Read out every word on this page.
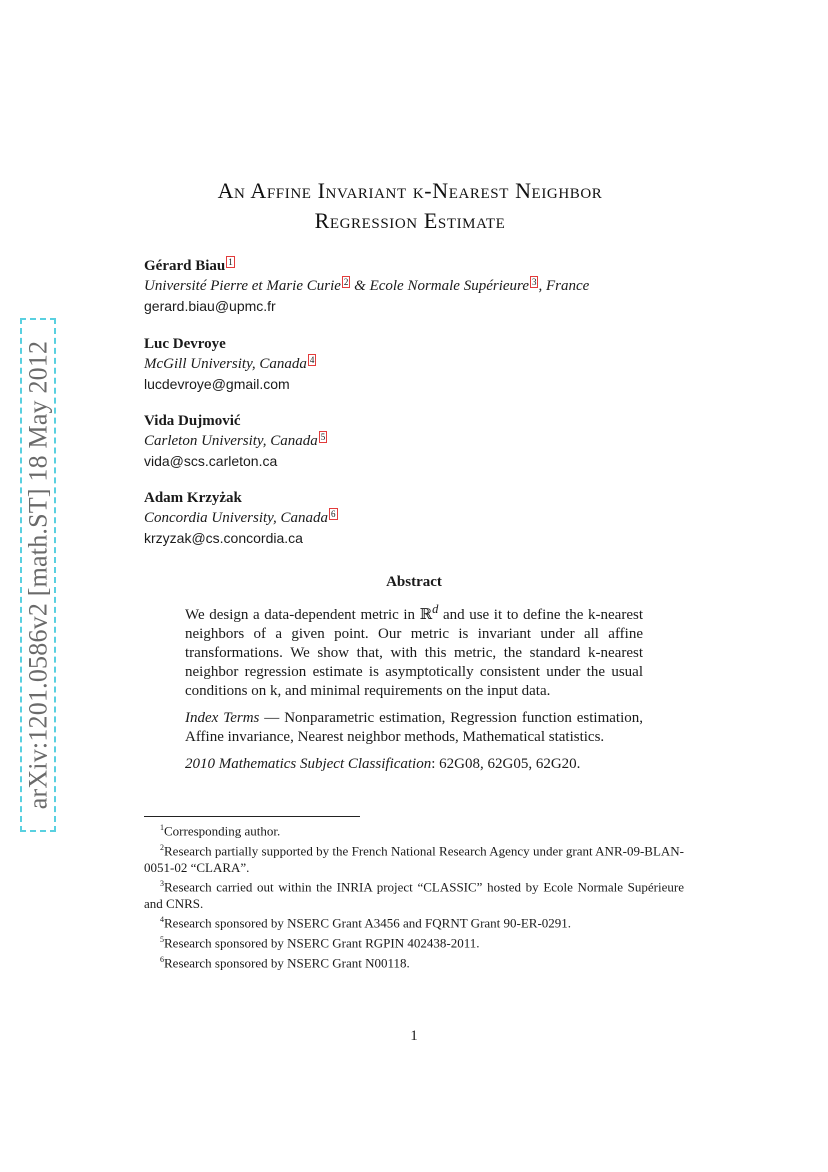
arXiv:1201.0586v2 [math.ST] 18 May 2012
An Affine Invariant k-Nearest Neighbor
Regression Estimate
Gérard Biau 1
Université Pierre et Marie Curie 2 & Ecole Normale Supérieure 3 , France
gerard.biau@upmc.fr
Luc Devroye
McGill University, Canada 4
lucdevroye@gmail.com
Vida Dujmović
Carleton University, Canada 5
vida@scs.carleton.ca
Adam Krzyżak
Concordia University, Canada 6
krzyzak@cs.concordia.ca
Abstract

We design a data-dependent metric in ℝ$^d$ and use it to define the k-nearest neighbors of a given point. Our metric is invariant under all affine transformations. We show that, with this metric, the standard k-nearest neighbor regression estimate is asymptotically consistent under the usual conditions on k, and minimal requirements on the input data.

Index Terms — Nonparametric estimation, Regression function estimation, Affine invariance, Nearest neighbor methods, Mathematical statistics.

2010 Mathematics Subject Classification: 62G08, 62G05, 62G20.

$^1$Corresponding author.
$^2$Research partially supported by the French National Research Agency under grant ANR-09-BLAN-0051-02 “CLARA”.
$^3$Research carried out within the INRIA project “CLASSIC” hosted by Ecole Normale Supérieure and CNRS.
$^4$Research sponsored by NSERC Grant A3456 and FQRNT Grant 90-ER-0291.
$^5$Research sponsored by NSERC Grant RGPIN 402438-2011.
$^6$Research sponsored by NSERC Grant N00118.
1
